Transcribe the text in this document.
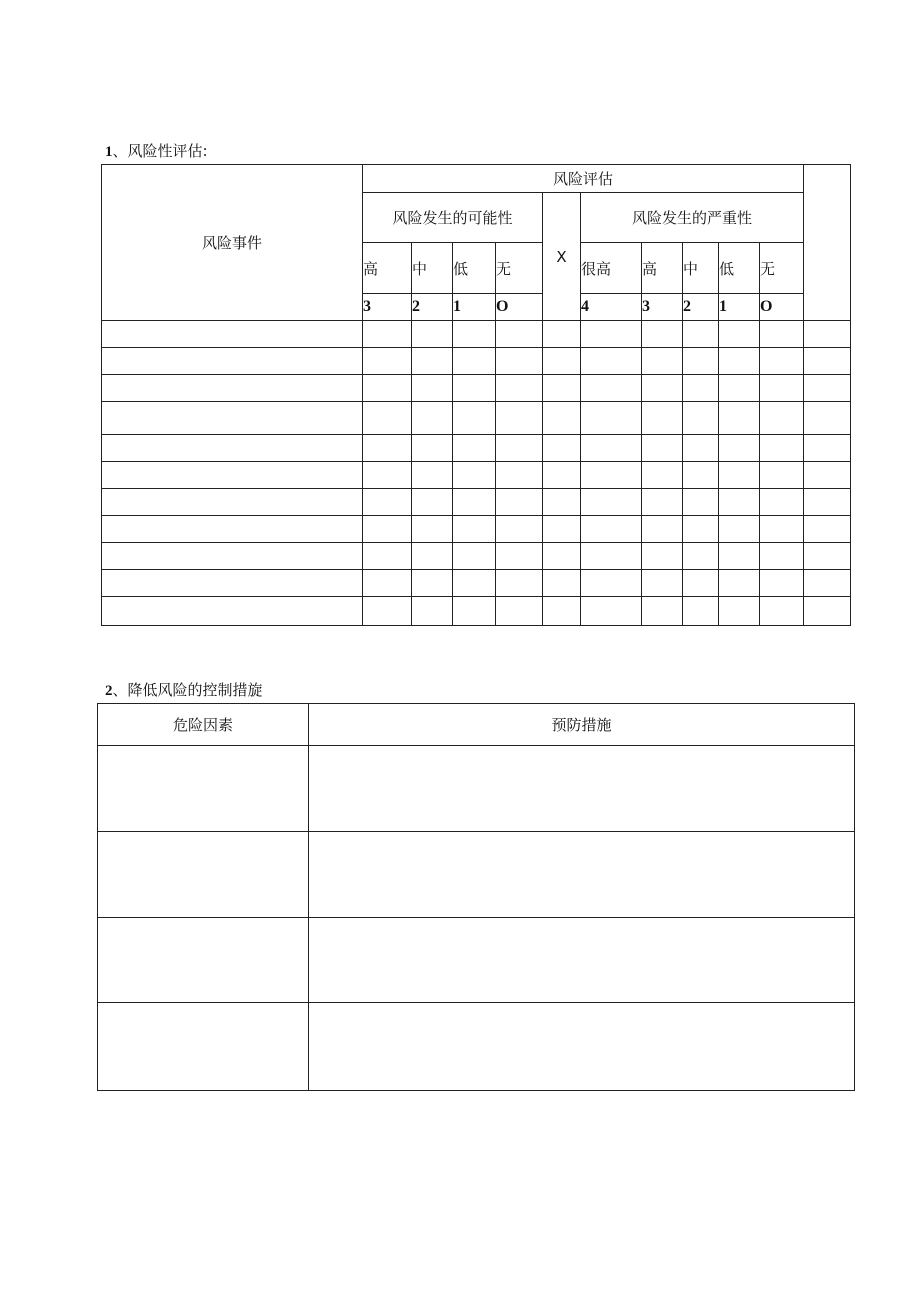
1、风险性评估:
风险事件	风险评估										
	风险发生的可能性				X	风险发生的严重性					
	高	中	低	无		很高	高	中	低	无	
	3	2	1	O		4	3	2	1	O	

2、降低风险的控制措旋
危险因素	预防措施
